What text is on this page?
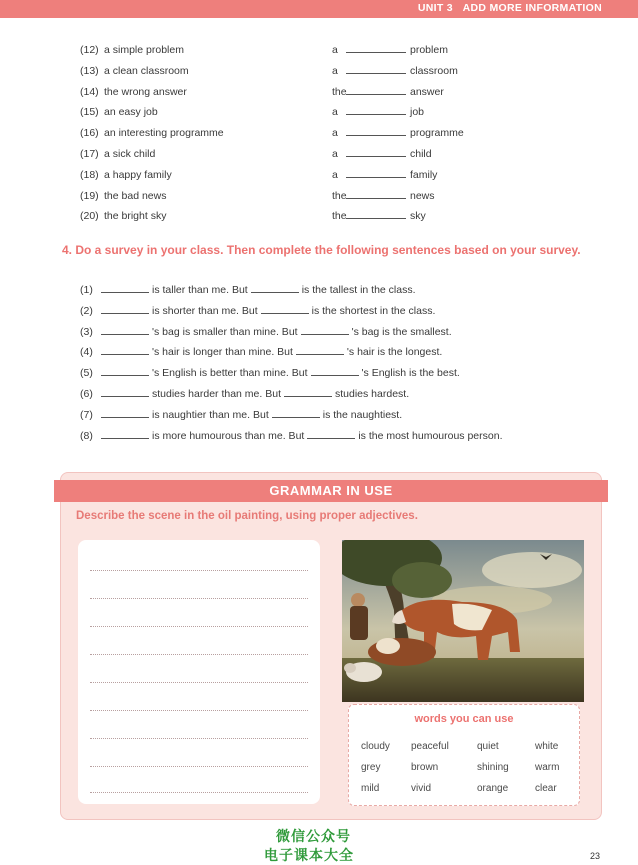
UNIT 3 ADD MORE INFORMATION
(12) a simple problem	a	problem
(13) a clean classroom	a	classroom
(14) the wrong answer	the	answer
(15) an easy job	a	job
(16) an interesting programme	a	programme
(17) a sick child	a	child
(18) a happy family	a	family
(19) the bad news	the	news
(20) the bright sky	the	sky
4. Do a survey in your class. Then complete the following sentences based on your survey.
(1)	is taller than me. But	is the tallest in the class.
(2)	is shorter than me. But	is the shortest in the class.
(3)	's bag is smaller than mine. But	's bag is the smallest.
(4)	's hair is longer than mine. But	's hair is the longest.
(5)	's English is better than mine. But	's English is the best.
(6)	studies harder than me. But	studies hardest.
(7)	is naughtier than me. But	is the naughtiest.
(8)	is more humourous than me. But	is the most humourous person.
GRAMMAR IN USE
Describe the scene in the oil painting, using proper adjectives.
words you can use
cloudy peaceful	quiet	white
grey	brown	shining	warm
mild	vivid	orange	clear
微信公众号
电子课本大全	23
